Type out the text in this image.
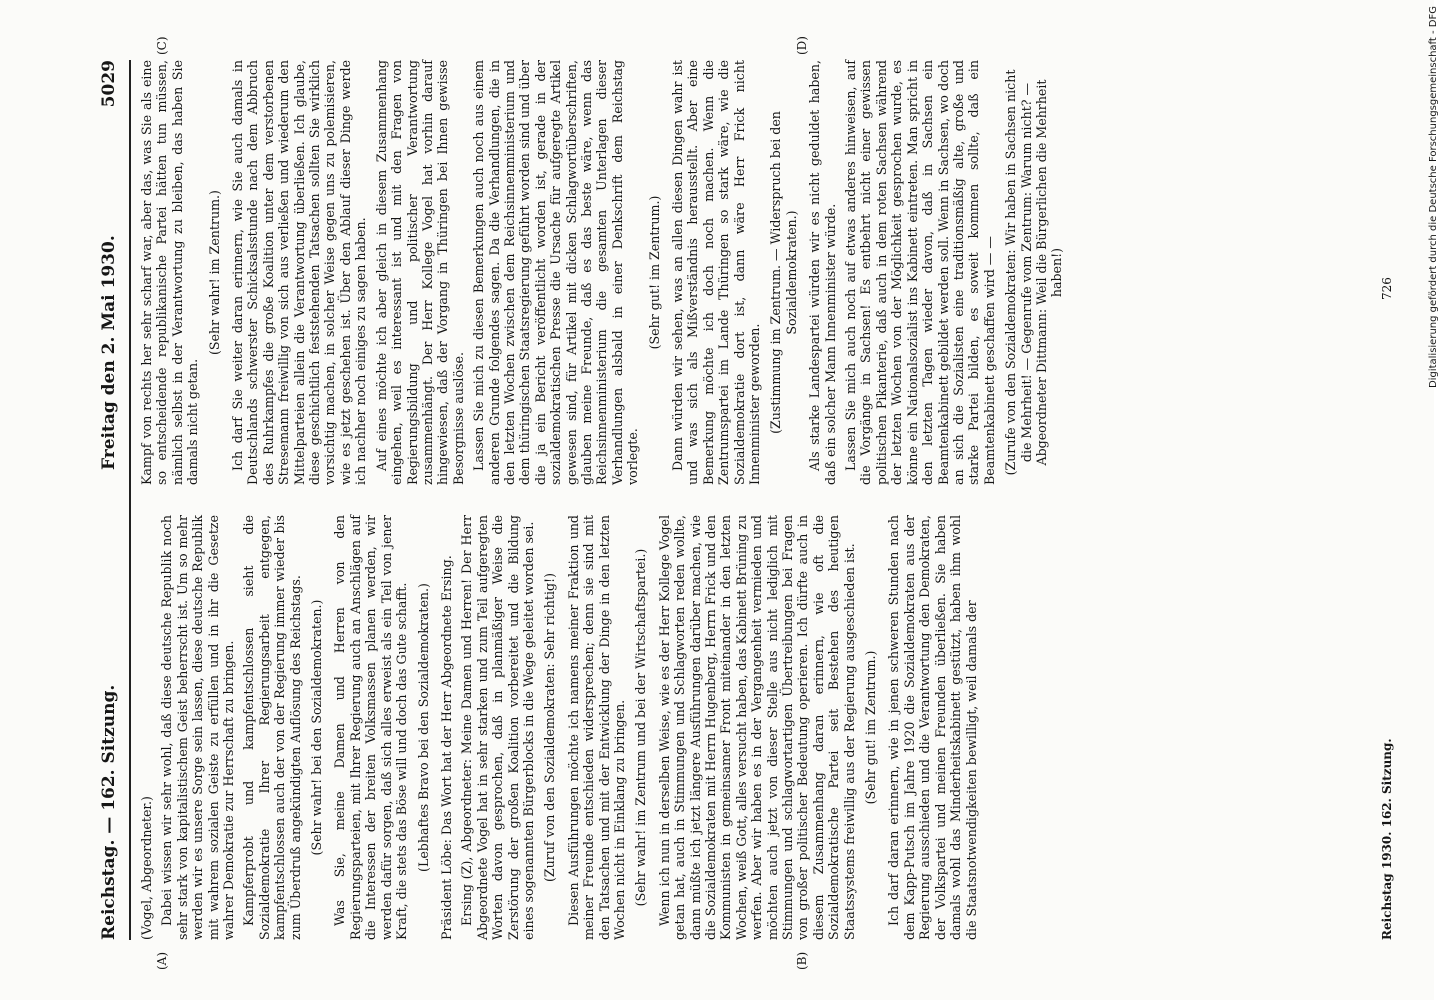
Reichstag. — 162. Sitzung.
Freitag den 2. Mai 1930.
5029

(Vogel, Abgeordneter.) Dabei wissen wir sehr wohl, daß diese deutsche Republik noch sehr stark von kapitalistischem Geist beherrscht ist. Um so mehr werden wir es unsere Sorge sein lassen, diese deutsche Republik mit wahrem sozialen Geiste zu erfüllen und in ihr die Gesetze wahrer Demokratie zur Herrschaft zu bringen. Kampferprobt und kampfentschlossen sieht die Sozialdemokratie Ihrer Regierungsarbeit entgegen, kampfentschlossen auch der von der Regierung immer wieder bis zum Überdruß angekündigten Auflösung des Reichstags. (Sehr wahr! bei den Sozialdemokraten.) Was Sie, meine Damen und Herren von den Regierungsparteien, mit Ihrer Regierung auch an Anschlägen auf die Interessen der breiten Volksmassen planen werden, wir werden dafür sorgen, daß sich alles erweist als ein Teil von jener Kraft, die stets das Böse will und doch das Gute schafft. (Lebhaftes Bravo bei den Sozialdemokraten.) Präsident Löbe: Das Wort hat der Herr Abgeordnete Ersing. Ersing (Z), Abgeordneter: Meine Damen und Herren! Der Herr Abgeordnete Vogel hat in sehr starken und zum Teil aufgeregten Worten davon gesprochen, daß in planmäßiger Weise die Zerstörung der großen Koalition vorbereitet und die Bildung eines sogenannten Bürgerblocks in die Wege geleitet worden sei. (Zuruf von den Sozialdemokraten: Sehr richtig!) Diesen Ausführungen möchte ich namens meiner Fraktion und meiner Freunde entschieden widersprechen; denn sie sind mit den Tatsachen und mit der Entwicklung der Dinge in den letzten Wochen nicht in Einklang zu bringen. (Sehr wahr! im Zentrum und bei der Wirtschaftspartei.) Wenn ich nun in derselben Weise, wie es der Herr Kollege Vogel getan hat, auch in Stimmungen und Schlagworten reden wollte, dann müßte ich jetzt längere Ausführungen darüber machen, wie die Sozialdemokraten mit Herrn Hugenberg, Herrn Frick und den Kommunisten in gemeinsamer Front miteinander in den letzten Wochen, weiß Gott, alles versucht haben, das Kabinett Brüning zu werfen. Aber wir haben es in der Vergangenheit vermieden und möchten auch jetzt von dieser Stelle aus nicht lediglich mit Stimmungen und schlagwortartigen Übertreibungen bei Fragen von großer politischer Bedeutung operieren. Ich dürfte auch in diesem Zusammenhang daran erinnern, wie oft die Sozialdemokratische Partei seit Bestehen des heutigen Staatssystems freiwillig aus der Regierung ausgeschieden ist. (Sehr gut! im Zentrum.) Ich darf daran erinnern, wie in jenen schweren Stunden nach dem Kapp-Putsch im Jahre 1920 die Sozialdemokraten aus der Regierung ausschieden und die Verantwortung den Demokraten, der Volkspartei und meinen Freunden überließen. Sie haben damals wohl das Minderheitskabinett gestützt, haben ihm wohl die Staatsnotwendigkeiten bewilligt, weil damals der

Kampf von rechts her sehr scharf war, aber das, was Sie als eine so entscheidende republikanische Partei hätten tun müssen, nämlich selbst in der Verantwortung zu bleiben, das haben Sie damals nicht getan.

(Sehr wahr! im Zentrum.) Ich darf Sie weiter daran erinnern, wie Sie auch damals in Deutschlands schwerster Schicksalsstunde nach dem Abbruch des Ruhrkampfes die große Koalition unter dem verstorbenen Stresemann freiwillig von sich aus verließen und wiederum den Mittelparteien allein die Verantwortung überließen. Ich glaube, diese geschichtlich feststehenden Tatsachen sollten Sie wirklich vorsichtig machen, in solcher Weise gegen uns zu polemisieren, wie es jetzt geschehen ist. Über den Ablauf dieser Dinge werde ich nachher noch einiges zu sagen haben. Auf eines möchte ich aber gleich in diesem Zusammenhang eingehen, weil es interessant ist und mit den Fragen von Regierungsbildung und politischer Verantwortung zusammenhängt. Der Herr Kollege Vogel hat vorhin darauf hingewiesen, daß der Vorgang in Thüringen bei Ihnen gewisse Besorgnisse auslöse. Lassen Sie mich zu diesen Bemerkungen auch noch aus einem anderen Grunde folgendes sagen. Da die Verhandlungen, die in den letzten Wochen zwischen dem Reichsinnenministerium und dem thüringischen Staatsregierung geführt worden sind und über die ja ein Bericht veröffentlicht worden ist, gerade in der sozialdemokratischen Presse die Ursache für aufgeregte Artikel gewesen sind, für Artikel mit dicken Schlagwortüberschriften, glauben meine Freunde, daß es das beste wäre, wenn das Reichsinnenministerium die gesamten Unterlagen dieser Verhandlungen alsbald in einer Denkschrift dem Reichstag vorlegte.

(Sehr gut! im Zentrum.) Dann würden wir sehen, was an allen diesen Dingen wahr ist und was sich als Mißverständnis herausstellt. Aber eine Bemerkung möchte ich doch noch machen. Wenn die Zentrumspartei im Lande Thüringen so stark wäre, wie die Sozialdemokratie dort ist, dann wäre Herr Frick nicht Innenminister geworden. (Zustimmung im Zentrum. — Widerspruch bei den Sozialdemokraten.) Als starke Landespartei würden wir es nicht geduldet haben, daß ein solcher Mann Innenminister würde. Lassen Sie mich auch noch auf etwas anderes hinweisen, auf die Vorgänge in Sachsen! Es entbehrt nicht einer gewissen politischen Pikanterie, daß auch in dem roten Sachsen während der letzten Wochen von der Möglichkeit gesprochen wurde, es könne ein Nationalsozialist ins Kabinett eintreten. Man spricht in den letzten Tagen wieder davon, daß in Sachsen ein Beamtenkabinett gebildet werden soll. Wenn in Sachsen, wo doch an sich die Sozialisten eine traditionsmäßig alte, große und starke Partei bilden, es soweit kommen sollte, daß ein Beamtenkabinett geschaffen wird — — (Zurufe von den Sozialdemokraten: Wir haben in Sachsen nicht die Mehrheit! — Gegenrufe vom Zentrum: Warum nicht? — Abgeordneter Dittmann: Weil die Bürgerlichen die Mehrheit haben!)

(A)	(B)
(C)	(D)
Reichstag 1930. 162. Sitzung.
726	Digitalisierung gefördert durch die Deutsche Forschungsgemeinschaft - DFG
